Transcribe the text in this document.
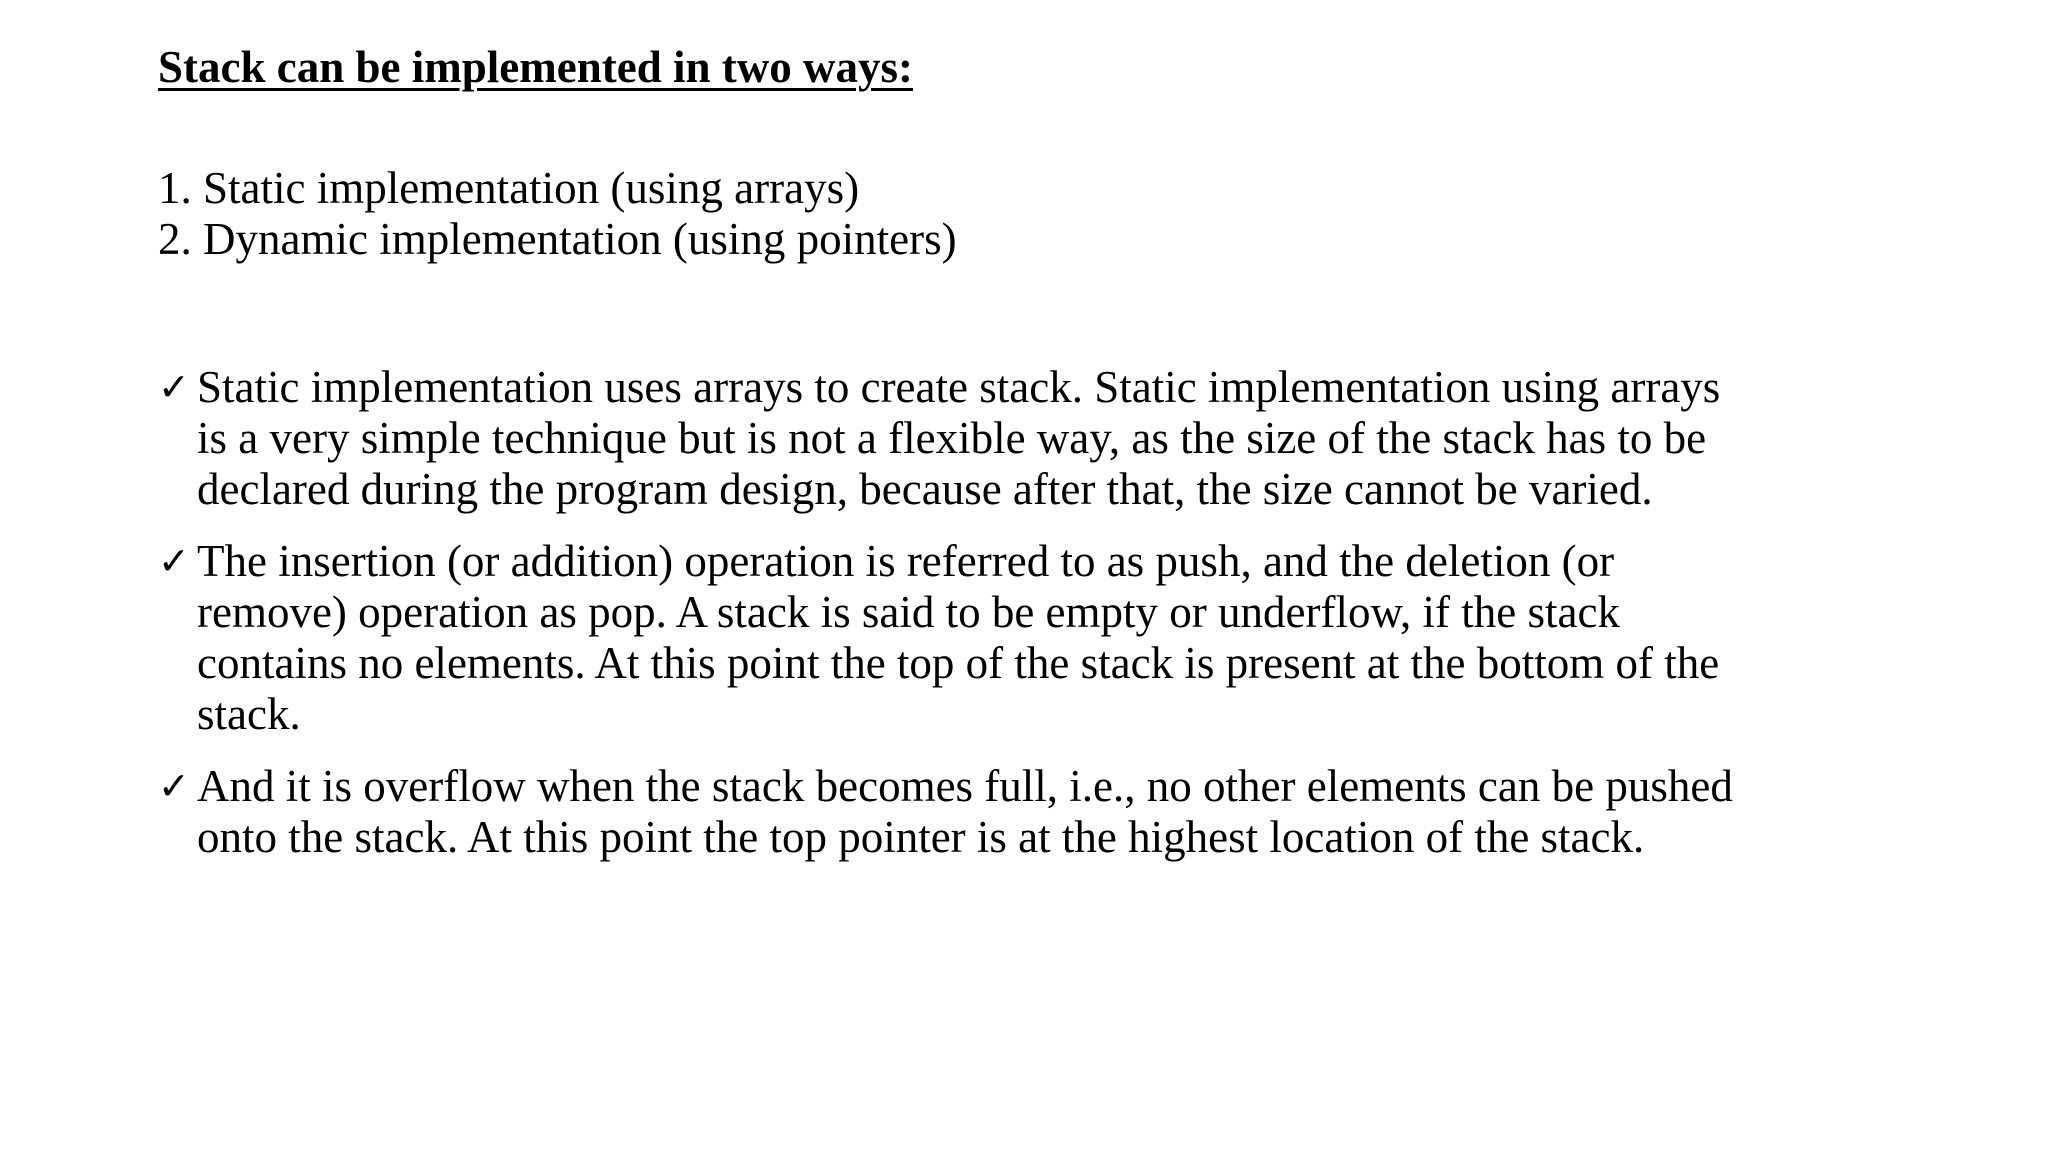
Stack can be implemented in two ways:

1. Static implementation (using arrays)

2. Dynamic implementation (using pointers)

✓ Static implementation uses arrays to create stack. Static implementation using arrays is a very simple technique but is not a flexible way, as the size of the stack has to be declared during the program design, because after that, the size cannot be varied.
✓ The insertion (or addition) operation is referred to as push, and the deletion (or remove) operation as pop. A stack is said to be empty or underflow, if the stack contains no elements. At this point the top of the stack is present at the bottom of the stack.
✓ And it is overflow when the stack becomes full, i.e., no other elements can be pushed onto the stack. At this point the top pointer is at the highest location of the stack.
